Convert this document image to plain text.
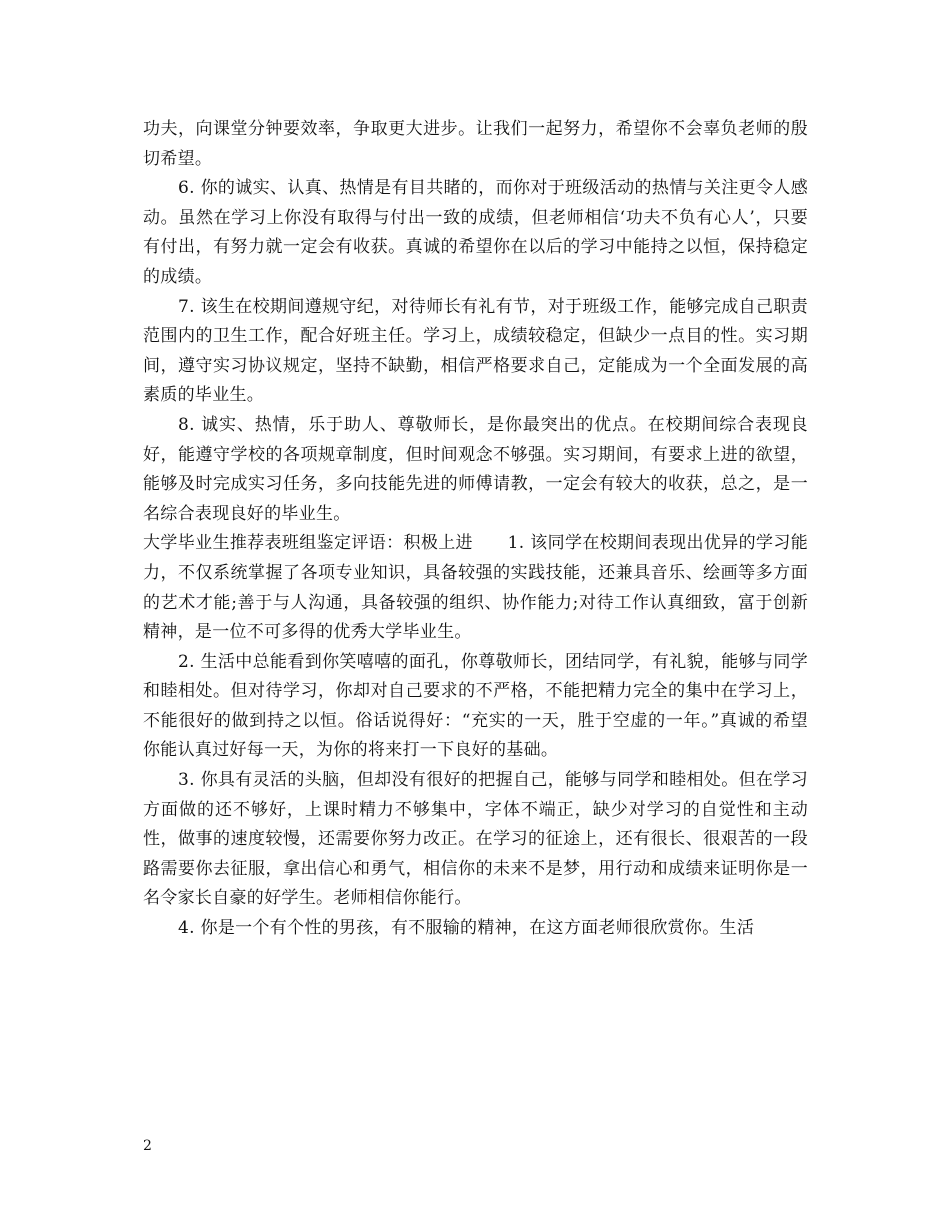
功夫，向课堂分钟要效率，争取更大进步。让我们一起努力，希望你不会辜负老师的殷切希望。

6. 你的诚实、认真、热情是有目共睹的，而你对于班级活动的热情与关注更令人感动。虽然在学习上你没有取得与付出一致的成绩，但老师相信‘功夫不负有心人’，只要有付出，有努力就一定会有收获。真诚的希望你在以后的学习中能持之以恒，保持稳定的成绩。

7. 该生在校期间遵规守纪，对待师长有礼有节，对于班级工作，能够完成自己职责范围内的卫生工作，配合好班主任。学习上，成绩较稳定，但缺少一点目的性。实习期间，遵守实习协议规定，坚持不缺勤，相信严格要求自己，定能成为一个全面发展的高素质的毕业生。

8. 诚实、热情，乐于助人、尊敬师长，是你最突出的优点。在校期间综合表现良好，能遵守学校的各项规章制度，但时间观念不够强。实习期间，有要求上进的欲望，能够及时完成实习任务，多向技能先进的师傅请教，一定会有较大的收获，总之，是一名综合表现良好的毕业生。

大学毕业生推荐表班组鉴定评语：积极上进　　1. 该同学在校期间表现出优异的学习能力，不仅系统掌握了各项专业知识，具备较强的实践技能，还兼具音乐、绘画等多方面的艺术才能;善于与人沟通，具备较强的组织、协作能力;对待工作认真细致，富于创新精神，是一位不可多得的优秀大学毕业生。

2. 生活中总能看到你笑嘻嘻的面孔，你尊敬师长，团结同学，有礼貌，能够与同学和睦相处。但对待学习，你却对自己要求的不严格，不能把精力完全的集中在学习上，不能很好的做到持之以恒。俗话说得好：“充实的一天，胜于空虚的一年。”真诚的希望你能认真过好每一天，为你的将来打一下良好的基础。

3. 你具有灵活的头脑，但却没有很好的把握自己，能够与同学和睦相处。但在学习方面做的还不够好，上课时精力不够集中，字体不端正，缺少对学习的自觉性和主动性，做事的速度较慢，还需要你努力改正。在学习的征途上，还有很长、很艰苦的一段路需要你去征服，拿出信心和勇气，相信你的未来不是梦，用行动和成绩来证明你是一名令家长自豪的好学生。老师相信你能行。

4. 你是一个有个性的男孩，有不服输的精神，在这方面老师很欣赏你。生活

2
